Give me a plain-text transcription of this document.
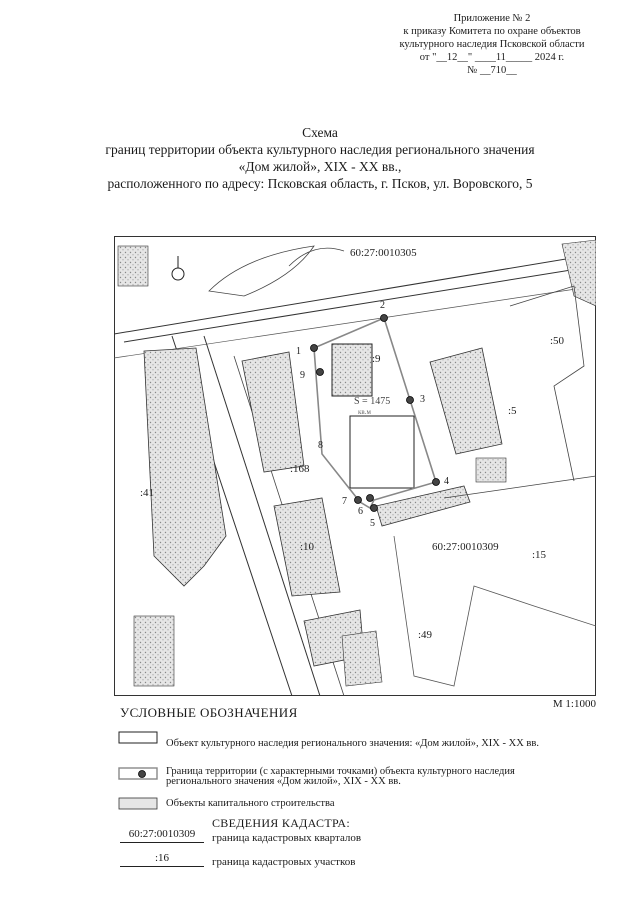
Приложение № 2
к приказу Комитета по охране объектов
культурного наследия Псковской области
от "__12__" ____11_____ 2024 г.
№ __710__
Схема
границ территории объекта культурного наследия регионального значения
«Дом жилой», XIX - XX вв.,
расположенного по адресу: Псковская область, г. Псков, ул. Воровского, 5
1
2
3
4
5
6
7
8
9
60:27:0010305
60:27:0010309
S = 1475
кв.м
:9
:168
:41
:10
:5
:50
:15
:49
М 1:1000
УСЛОВНЫЕ ОБОЗНАЧЕНИЯ
Объект культурного наследия регионального значения: «Дом жилой», XIX - XX вв.
Граница территории (с характерными точками) объекта культурного наследия
регионального значения «Дом жилой», XIX - XX вв.
Объекты капитального строительства
СВЕДЕНИЯ КАДАСТРА:
60:27:0010309 граница кадастровых кварталов
:16	граница кадастровых участков
